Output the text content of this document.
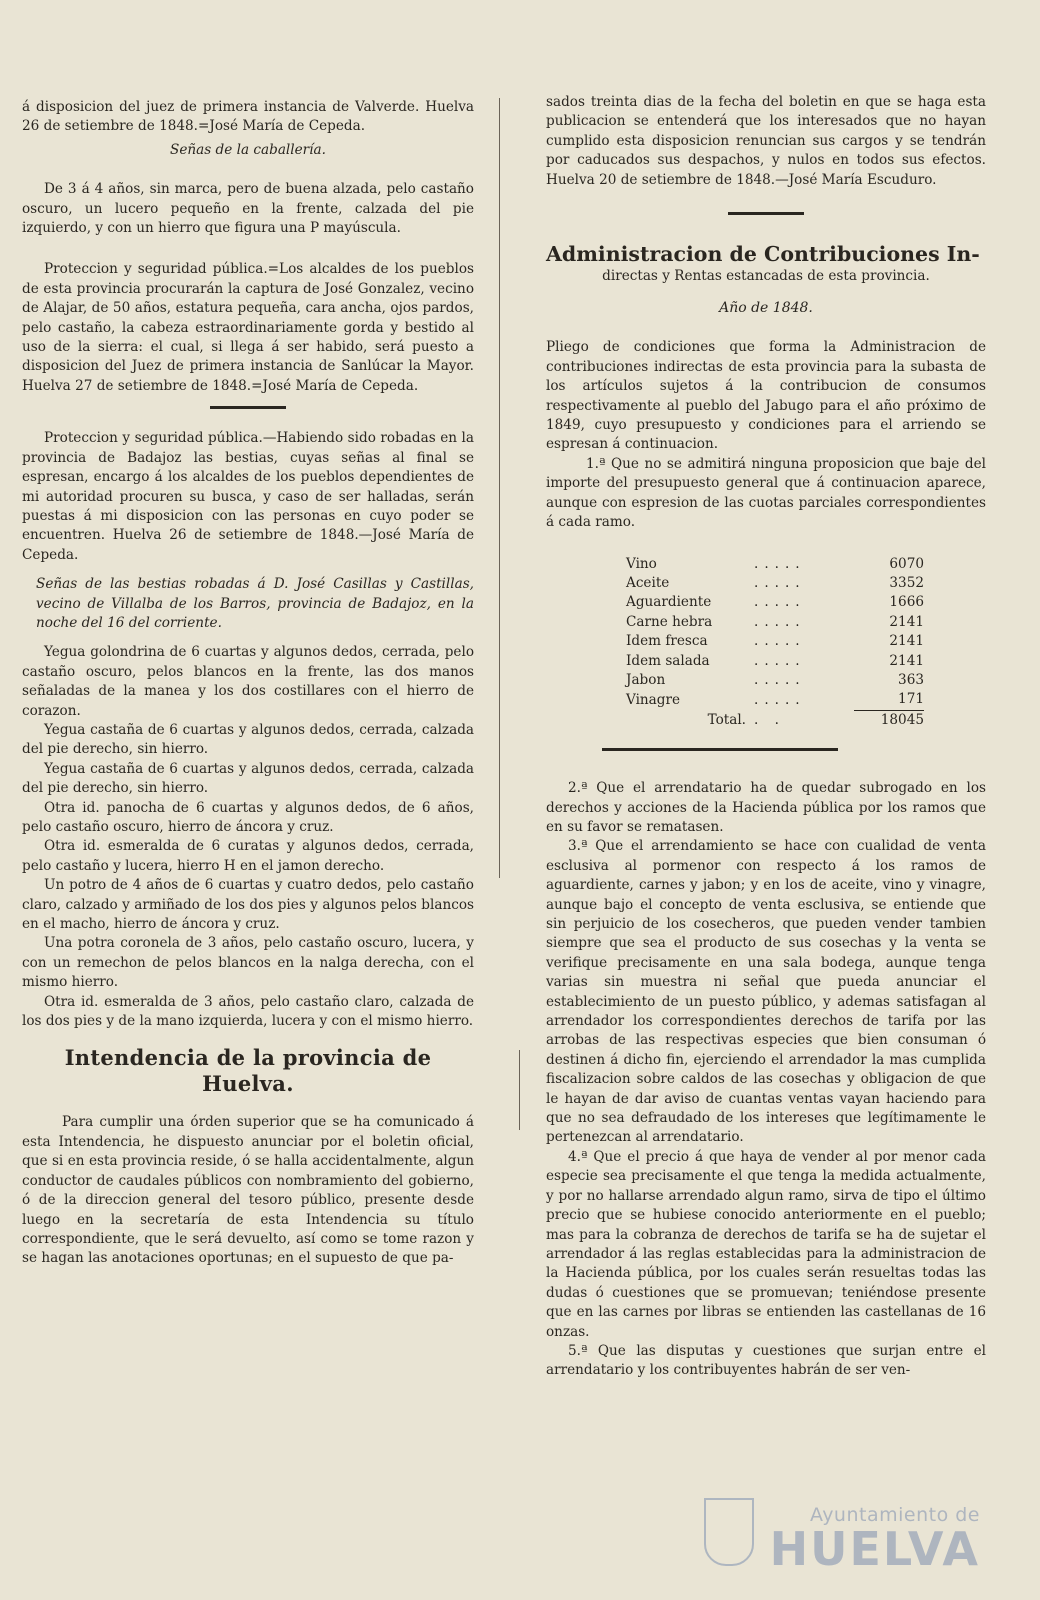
á disposicion del juez de primera instancia de Valverde. Huelva 26 de setiembre de 1848.=José María de Cepeda.

Señas de la caballería.

De 3 á 4 años, sin marca, pero de buena alzada, pelo castaño oscuro, un lucero pequeño en la frente, calzada del pie izquierdo, y con un hierro que figura una P mayúscula.

Proteccion y seguridad pública.=Los alcaldes de los pueblos de esta provincia procurarán la captura de José Gonzalez, vecino de Alajar, de 50 años, estatura pequeña, cara ancha, ojos pardos, pelo castaño, la cabeza estraordinariamente gorda y bestido al uso de la sierra: el cual, si llega á ser habido, será puesto a disposicion del Juez de primera instancia de Sanlúcar la Mayor. Huelva 27 de setiembre de 1848.=José María de Cepeda.

Proteccion y seguridad pública.—Habiendo sido robadas en la provincia de Badajoz las bestias, cuyas señas al final se espresan, encargo á los alcaldes de los pueblos dependientes de mi autoridad procuren su busca, y caso de ser halladas, serán puestas á mi disposicion con las personas en cuyo poder se encuentren. Huelva 26 de setiembre de 1848.—José María de Cepeda.

Señas de las bestias robadas á D. José Casillas y Castillas, vecino de Villalba de los Barros, provincia de Badajoz, en la noche del 16 del corriente.

Yegua golondrina de 6 cuartas y algunos dedos, cerrada, pelo castaño oscuro, pelos blancos en la frente, las dos manos señaladas de la manea y los dos costillares con el hierro de corazon.

Yegua castaña de 6 cuartas y algunos dedos, cerrada, calzada del pie derecho, sin hierro.

Yegua castaña de 6 cuartas y algunos dedos, cerrada, calzada del pie derecho, sin hierro.

Otra id. panocha de 6 cuartas y algunos dedos, de 6 años, pelo castaño oscuro, hierro de áncora y cruz.

Otra id. esmeralda de 6 curatas y algunos dedos, cerrada, pelo castaño y lucera, hierro H en el jamon derecho.

Un potro de 4 años de 6 cuartas y cuatro dedos, pelo castaño claro, calzado y armiñado de los dos pies y algunos pelos blancos en el macho, hierro de áncora y cruz.

Una potra coronela de 3 años, pelo castaño oscuro, lucera, y con un remechon de pelos blancos en la nalga derecha, con el mismo hierro.

Otra id. esmeralda de 3 años, pelo castaño claro, calzada de los dos pies y de la mano izquierda, lucera y con el mismo hierro.

Intendencia de la provincia de Huelva.

Para cumplir una órden superior que se ha comunicado á esta Intendencia, he dispuesto anunciar por el boletin oficial, que si en esta provincia reside, ó se halla accidentalmente, algun conductor de caudales públicos con nombramiento del gobierno, ó de la direccion general del tesoro público, presente desde luego en la secretaría de esta Intendencia su título correspondiente, que le será devuelto, así como se tome razon y se hagan las anotaciones oportunas; en el supuesto de que pa-

sados treinta dias de la fecha del boletin en que se haga esta publicacion se entenderá que los interesados que no hayan cumplido esta disposicion renuncian sus cargos y se tendrán por caducados sus despachos, y nulos en todos sus efectos. Huelva 20 de setiembre de 1848.—José María Escuduro.

Administracion de Contribuciones In-

directas y Rentas estancadas de esta provincia.

Año de 1848.

Pliego de condiciones que forma la Administracion de contribuciones indirectas de esta provincia para la subasta de los artículos sujetos á la contribucion de consumos respectivamente al pueblo del Jabugo para el año próximo de 1849, cuyo presupuesto y condiciones para el arriendo se espresan á continuacion.

1.ª Que no se admitirá ninguna proposicion que baje del importe del presupuesto general que á continuacion aparece, aunque con espresion de las cuotas parciales correspondientes á cada ramo.

Vino	.....	6070
Aceite	.....	3352
Aguardiente	.....	1666
Carne hebra	.....	2141
Idem fresca	.....	2141
Idem salada	.....	2141
Jabon	.....	363
Vinagre	.....	171
Total.	. .	18045

2.ª Que el arrendatario ha de quedar subrogado en los derechos y acciones de la Hacienda pública por los ramos que en su favor se rematasen.

3.ª Que el arrendamiento se hace con cualidad de venta esclusiva al pormenor con respecto á los ramos de aguardiente, carnes y jabon; y en los de aceite, vino y vinagre, aunque bajo el concepto de venta esclusiva, se entiende que sin perjuicio de los cosecheros, que pueden vender tambien siempre que sea el producto de sus cosechas y la venta se verifique precisamente en una sala bodega, aunque tenga varias sin muestra ni señal que pueda anunciar el establecimiento de un puesto público, y ademas satisfagan al arrendador los correspondientes derechos de tarifa por las arrobas de las respectivas especies que bien consuman ó destinen á dicho fin, ejerciendo el arrendador la mas cumplida fiscalizacion sobre caldos de las cosechas y obligacion de que le hayan de dar aviso de cuantas ventas vayan haciendo para que no sea defraudado de los intereses que legítimamente le pertenezcan al arrendatario.

4.ª Que el precio á que haya de vender al por menor cada especie sea precisamente el que tenga la medida actualmente, y por no hallarse arrendado algun ramo, sirva de tipo el último precio que se hubiese conocido anteriormente en el pueblo; mas para la cobranza de derechos de tarifa se ha de sujetar el arrendador á las reglas establecidas para la administracion de la Hacienda pública, por los cuales serán resueltas todas las dudas ó cuestiones que se promuevan; teniéndose presente que en las carnes por libras se entienden las castellanas de 16 onzas.

5.ª Que las disputas y cuestiones que surjan entre el arrendatario y los contribuyentes habrán de ser ven-

Ayuntamiento de
HUELVA
